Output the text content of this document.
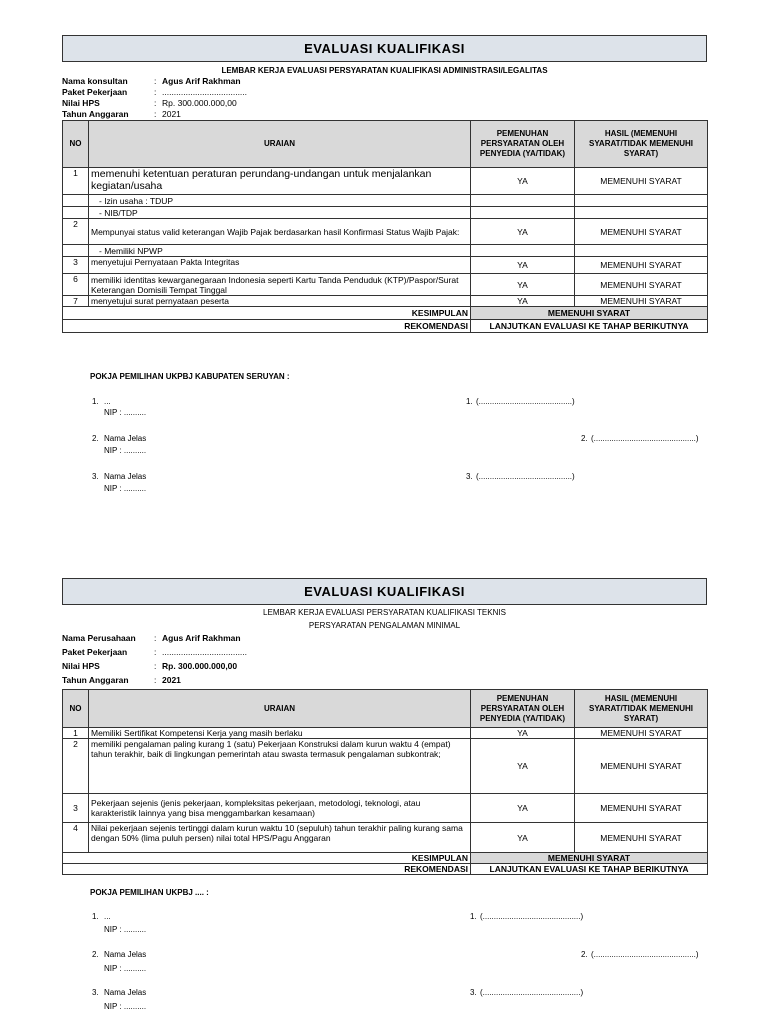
EVALUASI KUALIFIKASI
LEMBAR KERJA EVALUASI PERSYARATAN KUALIFIKASI ADMINISTRASI/LEGALITAS
Nama konsultan	: Agus Arif Rakhman
Paket Pekerjaan	: ....................................
Nilai HPS	: Rp. 300.000.000,00
Tahun Anggaran	: 2021
NO	URAIAN	PEMENUHAN PERSYARATAN OLEH PENYEDIA (YA/TIDAK)	HASIL (MEMENUHI SYARAT/TIDAK MEMENUHI SYARAT)
1	memenuhi ketentuan peraturan perundang-undangan untuk menjalankan kegiatan/usaha	YA	MEMENUHI SYARAT
	- Izin usaha : TDUP		
	- NIB/TDP		
2	Mempunyai status valid keterangan Wajib Pajak berdasarkan hasil Konfirmasi Status Wajib Pajak:	YA	MEMENUHI SYARAT
	- Memiliki NPWP		
3	menyetujui Pernyataan Pakta Integritas	YA	MEMENUHI SYARAT
6	memiliki identitas kewarganegaraan Indonesia seperti Kartu Tanda Penduduk (KTP)/Paspor/Surat Keterangan Domisili Tempat Tinggal	YA	MEMENUHI SYARAT
7	menyetujui surat pernyataan peserta	YA	MEMENUHI SYARAT
	KESIMPULAN	MEMENUHI SYARAT	
	REKOMENDASI	LANJUTKAN EVALUASI KE TAHAP BERIKUTNYA	
POKJA PEMILIHAN UKPBJ KABUPATEN SERUYAN :
1. ...
NIP : ..........
1. (..........................................)
2. Nama Jelas
NIP : ..........
2. (..............................................)
3. Nama Jelas
NIP : ..........
3. (..........................................)
EVALUASI KUALIFIKASI
LEMBAR KERJA EVALUASI PERSYARATAN KUALIFIKASI TEKNIS
PERSYARATAN PENGALAMAN MINIMAL
Nama Perusahaan	: Agus Arif Rakhman
Paket Pekerjaan	: ....................................
Nilai HPS	: Rp. 300.000.000,00
Tahun Anggaran	: 2021
NO	URAIAN	PEMENUHAN PERSYARATAN OLEH PENYEDIA (YA/TIDAK)	HASIL (MEMENUHI SYARAT/TIDAK MEMENUHI SYARAT)
1	Memiliki Sertifikat Kompetensi Kerja yang masih berlaku	YA	MEMENUHI SYARAT
2	memiliki pengalaman paling kurang 1 (satu) Pekerjaan Konstruksi dalam kurun waktu 4 (empat) tahun terakhir, baik di lingkungan pemerintah atau swasta termasuk pengalaman subkontrak;	YA	MEMENUHI SYARAT
3	Pekerjaan sejenis (jenis pekerjaan, kompleksitas pekerjaan, metodologi, teknologi, atau karakteristik lainnya yang bisa menggambarkan kesamaan)	YA	MEMENUHI SYARAT
4	Nilai pekerjaan sejenis tertinggi dalam kurun waktu 10 (sepuluh) tahun terakhir paling kurang sama dengan 50% (lima puluh persen) nilai total HPS/Pagu Anggaran	YA	MEMENUHI SYARAT
	KESIMPULAN	MEMENUHI SYARAT	
	REKOMENDASI	LANJUTKAN EVALUASI KE TAHAP BERIKUTNYA	
POKJA PEMILIHAN UKPBJ .... :
1. ...
NIP : ..........
1. (............................................)
2. Nama Jelas
NIP : ..........
2. (..............................................)
3. Nama Jelas
NIP : ..........
3. (............................................)
